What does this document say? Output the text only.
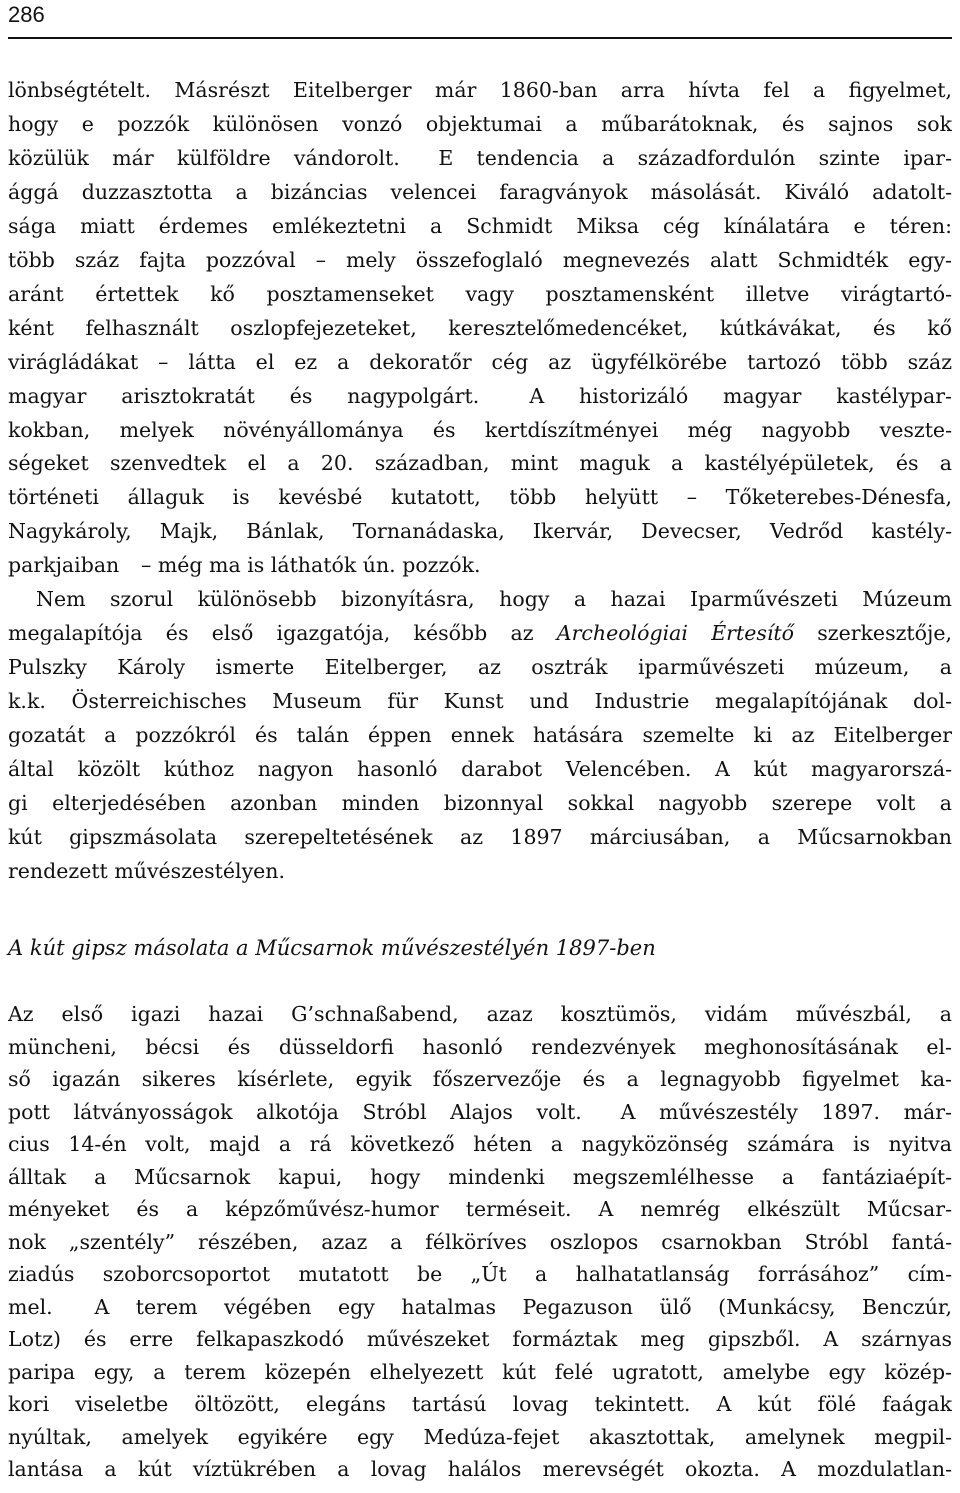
286
lönbségtételt. Másrészt Eitelberger már 1860-ban arra hívta fel a figyelmet,
hogy e pozzók különösen vonzó objektumai a műbarátoknak, és sajnos sok
közülük már külföldre vándorolt. E tendencia a századfordulón szinte ipar-
ággá duzzasztotta a bizáncias velencei faragványok másolását. Kiváló adatolt-
sága miatt érdemes emlékeztetni a Schmidt Miksa cég kínálatára e téren:
több száz fajta pozzóval – mely összefoglaló megnevezés alatt Schmidték egy-
aránt értettek kő posztamenseket vagy posztamensként illetve virágtartó-
ként felhasznált oszlopfejezeteket, keresztelőmedencéket, kútkávákat, és kő
virágládákat – látta el ez a dekoratőr cég az ügyfélkörébe tartozó több száz
magyar arisztokratát és nagypolgárt. A historizáló magyar kastélypar-
kokban, melyek növényállománya és kertdíszítményei még nagyobb veszte-
ségeket szenvedtek el a 20. században, mint maguk a kastélyépületek, és a
történeti állaguk is kevésbé kutatott, több helyütt – Tőketerebes-Dénesfa,
Nagykároly, Majk, Bánlak, Tornanádaska, Ikervár, Devecser, Vedrőd kastély-
parkjaiban – még ma is láthatók ún. pozzók.
Nem szorul különösebb bizonyításra, hogy a hazai Iparművészeti Múzeum
megalapítója és első igazgatója, később az Archeológiai Értesítő szerkesztője,
Pulszky Károly ismerte Eitelberger, az osztrák iparművészeti múzeum, a
k.k. Österreichisches Museum für Kunst und Industrie megalapítójának dol-
gozatát a pozzókról és talán éppen ennek hatására szemelte ki az Eitelberger
által közölt kúthoz nagyon hasonló darabot Velencében. A kút magyarorszá-
gi elterjedésében azonban minden bizonnyal sokkal nagyobb szerepe volt a
kút gipszmásolata szerepeltetésének az 1897 márciusában, a Műcsarnokban
rendezett művészestélyen.
Az első igazi hazai G’schnaßabend, azaz kosztümös, vidám művészbál, a
müncheni, bécsi és düsseldorfi hasonló rendezvények meghonosításának el-
ső igazán sikeres kísérlete, egyik főszervezője és a legnagyobb figyelmet ka-
pott látványosságok alkotója Stróbl Alajos volt. A művészestély 1897. már-
cius 14-én volt, majd a rá következő héten a nagyközönség számára is nyitva
álltak a Műcsarnok kapui, hogy mindenki megszemlélhesse a fantáziaépít-
ményeket és a képzőművész-humor terméseit. A nemrég elkészült Műcsar-
nok „szentély” részében, azaz a félköríves oszlopos csarnokban Stróbl fantá-
ziadús szoborcsoportot mutatott be „Út a halhatatlanság forrásához” cím-
mel. A terem végében egy hatalmas Pegazuson ülő (Munkácsy, Benczúr,
Lotz) és erre felkapaszkodó művészeket formáztak meg gipszből. A szárnyas
paripa egy, a terem közepén elhelyezett kút felé ugratott, amelybe egy közép-
kori viseletbe öltözött, elegáns tartású lovag tekintett. A kút fölé faágak
nyúltak, amelyek egyikére egy Medúza-fejet akasztottak, amelynek megpil-
lantása a kút víztükrében a lovag halálos merevségét okozta. A mozdulatlan-
A kút gipsz másolata a Műcsarnok művészestélyén 1897-ben
